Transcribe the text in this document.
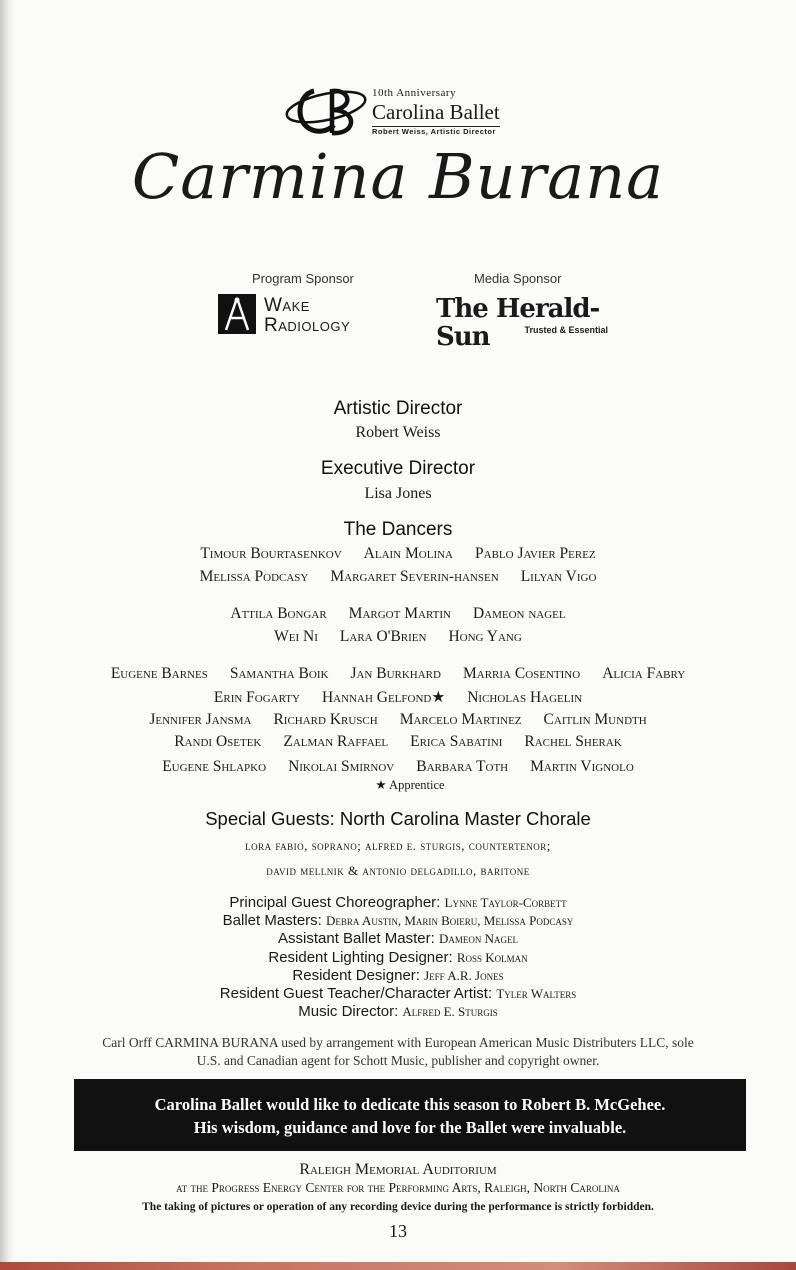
10th Anniversary
Carolina Ballet
Robert Weiss, Artistic Director
Carmina Burana
Program Sponsor	Media Sponsor
Wake
Radiology
The Herald-Sun	Trusted & Essential
Artistic Director
Robert Weiss
Executive Director
Lisa Jones
The Dancers
Timour Bourtasenkov Alain Molina Pablo Javier Perez
Melissa Podcasy Margaret Severin-hansen Lilyan Vigo
Attila Bongar Margot Martin Dameon nagel
Wei Ni Lara O'Brien Hong Yang
Eugene Barnes Samantha Boik Jan Burkhard Marria Cosentino Alicia Fabry
Erin Fogarty Hannah Gelfond★ Nicholas Hagelin
Jennifer Jansma Richard Krusch Marcelo Martinez Caitlin Mundth
Randi Osetek Zalman Raffael Erica Sabatini Rachel Sherak
Eugene Shlapko Nikolai Smirnov Barbara Toth Martin Vignolo
★ Apprentice
Special Guests: North Carolina Master Chorale
lora fabio, soprano; alfred e. sturgis, countertenor;
david mellnik & antonio delgadillo, baritone
Principal Guest Choreographer: Lynne Taylor-Corbett
Ballet Masters: Debra Austin, Marin Boieru, Melissa Podcasy
Assistant Ballet Master: Dameon Nagel
Resident Lighting Designer: Ross Kolman
Resident Designer: Jeff A.R. Jones
Resident Guest Teacher/Character Artist: Tyler Walters
Music Director: Alfred E. Sturgis
Carl Orff CARMINA BURANA used by arrangement with European American Music Distributers LLC, sole
U.S. and Canadian agent for Schott Music, publisher and copyright owner.
Carolina Ballet would like to dedicate this season to Robert B. McGehee.
His wisdom, guidance and love for the Ballet were invaluable.
Raleigh Memorial Auditorium
at the Progress Energy Center for the Performing Arts, Raleigh, North Carolina
The taking of pictures or operation of any recording device during the performance is strictly forbidden.
13
